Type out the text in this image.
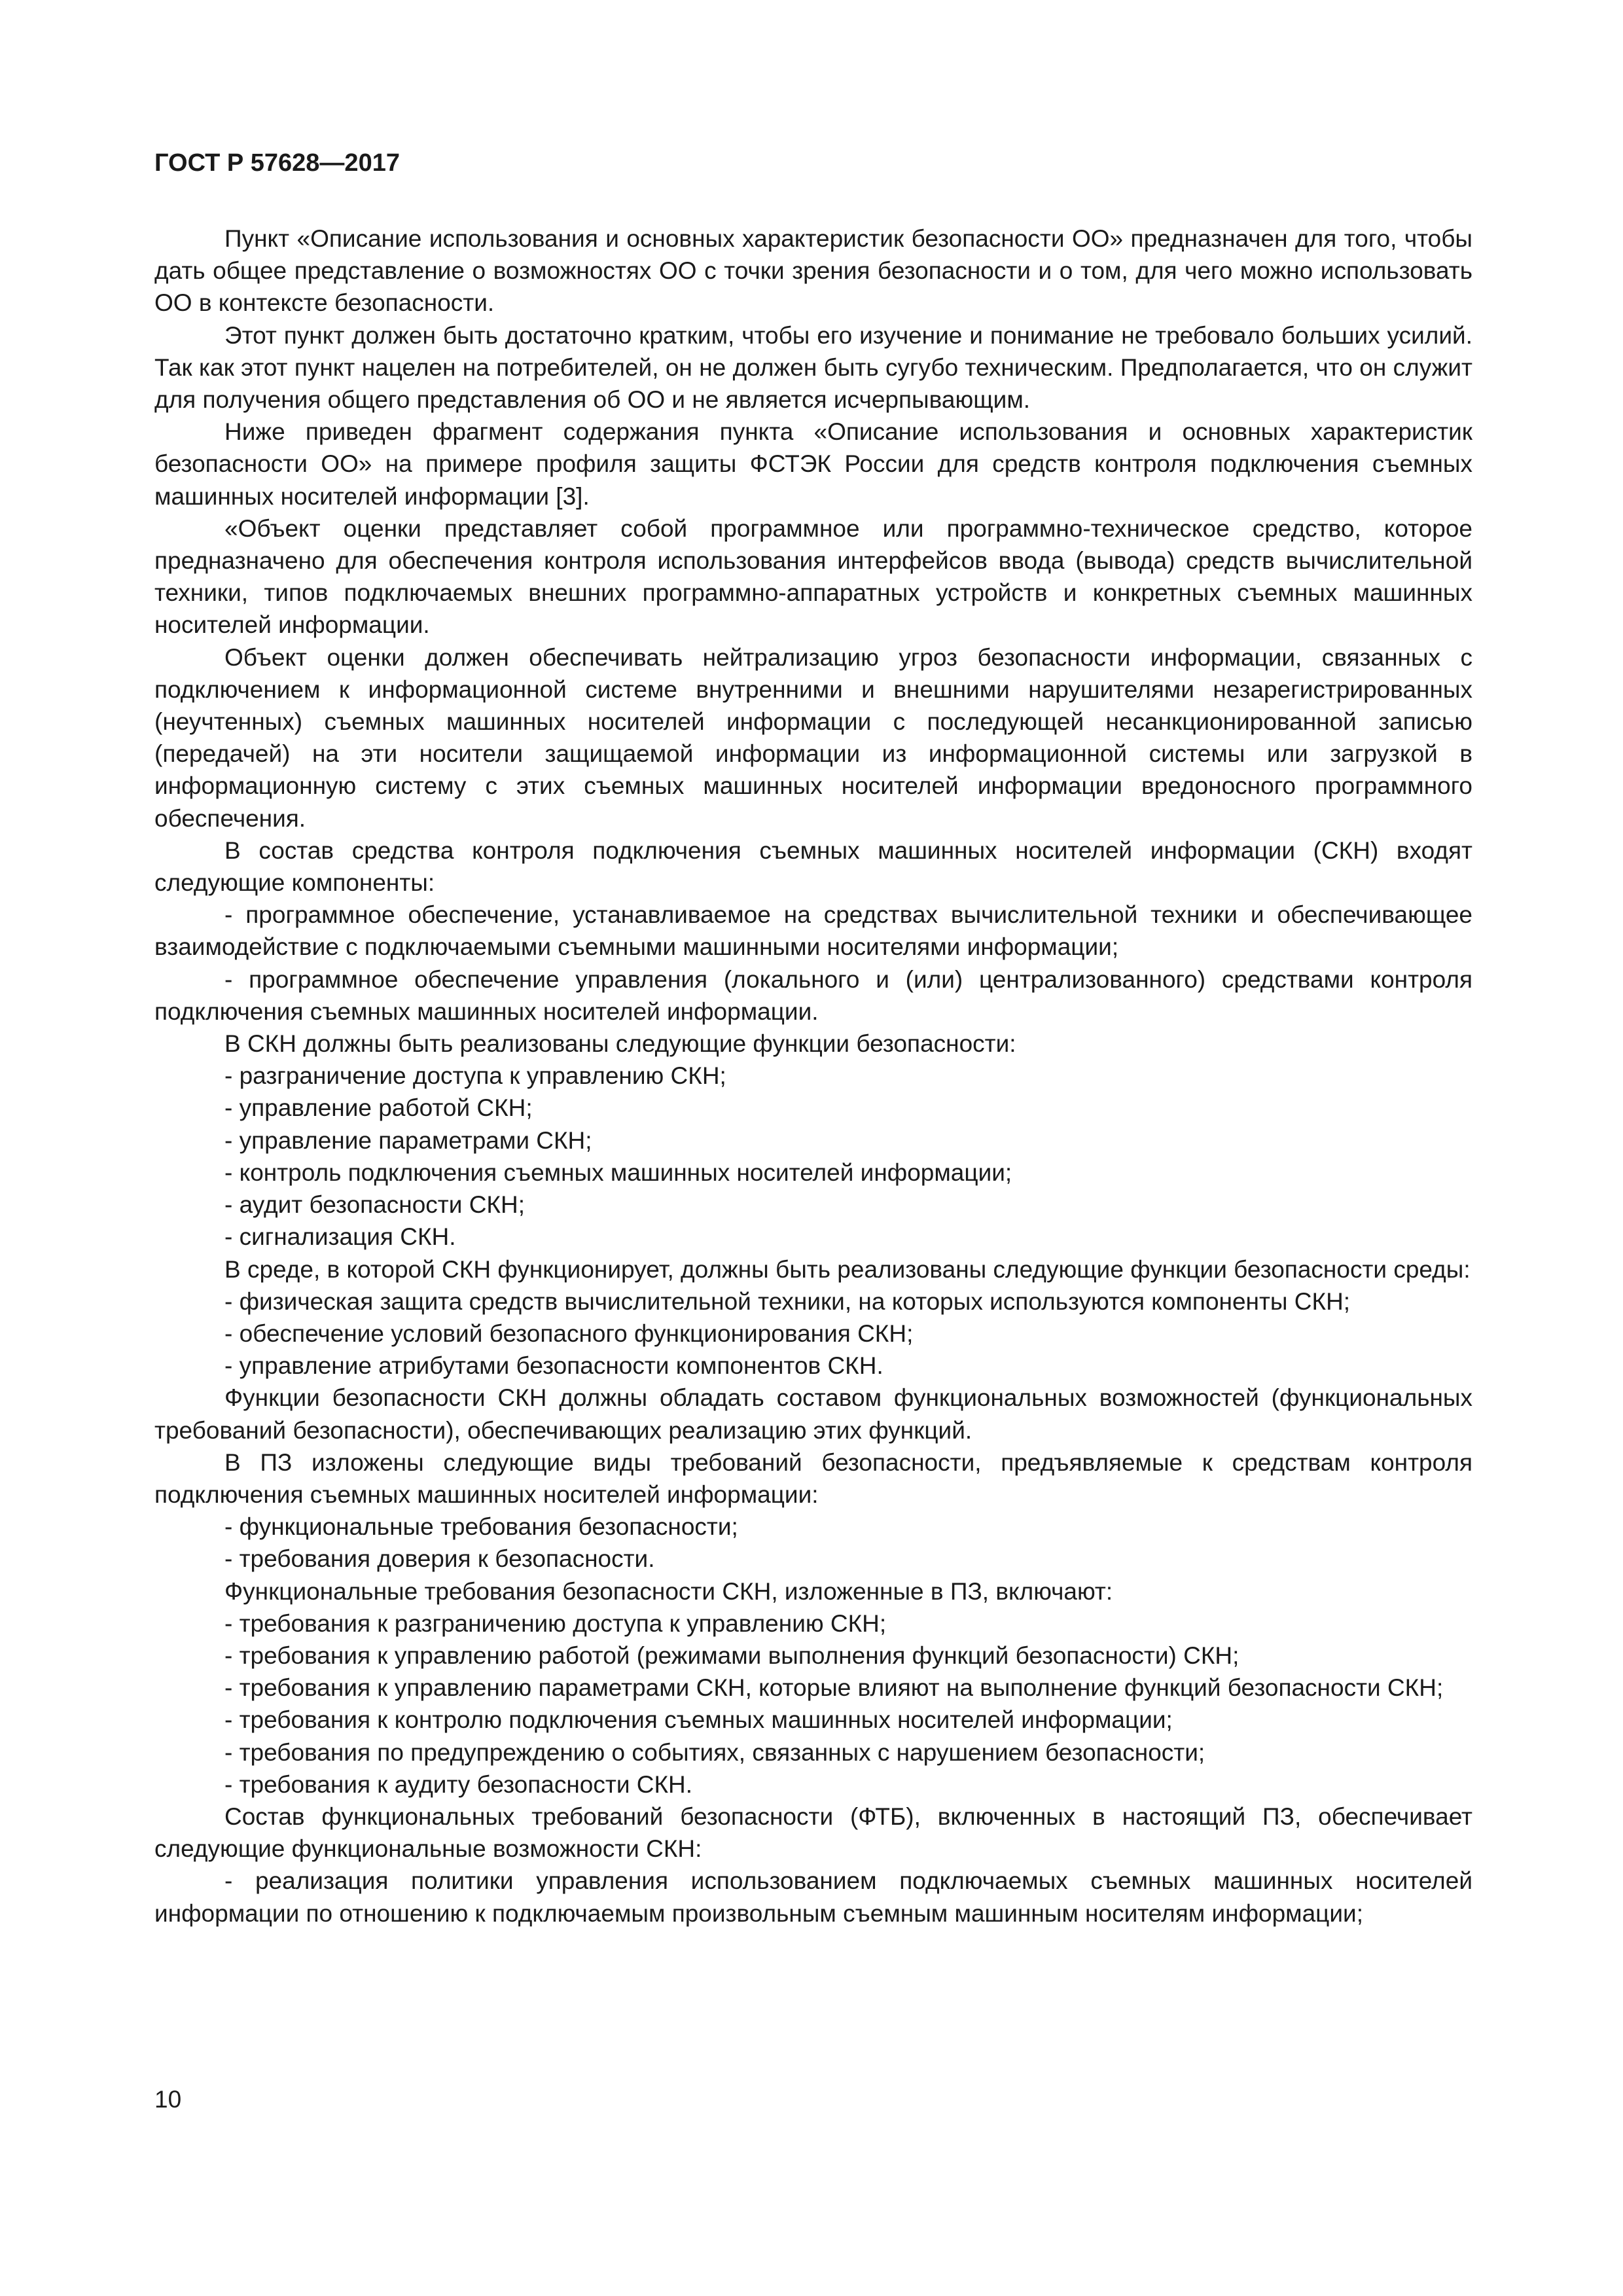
ГОСТ Р 57628—2017

Пункт «Описание использования и основных характеристик безопасности ОО» предназначен для того, чтобы дать общее представление о возможностях ОО с точки зрения безопасности и о том, для чего можно использовать ОО в контексте безопасности.

Этот пункт должен быть достаточно кратким, чтобы его изучение и понимание не требовало больших усилий. Так как этот пункт нацелен на потребителей, он не должен быть сугубо техническим. Предполагается, что он служит для получения общего представления об ОО и не является исчерпывающим.

Ниже приведен фрагмент содержания пункта «Описание использования и основных характеристик безопасности ОО» на примере профиля защиты ФСТЭК России для средств контроля подключения съемных машинных носителей информации [3].

«Объект оценки представляет собой программное или программно-техническое средство, которое предназначено для обеспечения контроля использования интерфейсов ввода (вывода) средств вычислительной техники, типов подключаемых внешних программно-аппаратных устройств и конкретных съемных машинных носителей информации.

Объект оценки должен обеспечивать нейтрализацию угроз безопасности информации, связанных с подключением к информационной системе внутренними и внешними нарушителями незарегистрированных (неучтенных) съемных машинных носителей информации с последующей несанкционированной записью (передачей) на эти носители защищаемой информации из информационной системы или загрузкой в информационную систему с этих съемных машинных носителей информации вредоносного программного обеспечения.

В состав средства контроля подключения съемных машинных носителей информации (СКН) входят следующие компоненты:

- программное обеспечение, устанавливаемое на средствах вычислительной техники и обеспечивающее взаимодействие с подключаемыми съемными машинными носителями информации;

- программное обеспечение управления (локального и (или) централизованного) средствами контроля подключения съемных машинных носителей информации.

В СКН должны быть реализованы следующие функции безопасности:

- разграничение доступа к управлению СКН;

- управление работой СКН;

- управление параметрами СКН;

- контроль подключения съемных машинных носителей информации;

- аудит безопасности СКН;

- сигнализация СКН.

В среде, в которой СКН функционирует, должны быть реализованы следующие функции безопасности среды:

- физическая защита средств вычислительной техники, на которых используются компоненты СКН;

- обеспечение условий безопасного функционирования СКН;

- управление атрибутами безопасности компонентов СКН.

Функции безопасности СКН должны обладать составом функциональных возможностей (функциональных требований безопасности), обеспечивающих реализацию этих функций.

В ПЗ изложены следующие виды требований безопасности, предъявляемые к средствам контроля подключения съемных машинных носителей информации:

- функциональные требования безопасности;

- требования доверия к безопасности.

Функциональные требования безопасности СКН, изложенные в ПЗ, включают:

- требования к разграничению доступа к управлению СКН;

- требования к управлению работой (режимами выполнения функций безопасности) СКН;

- требования к управлению параметрами СКН, которые влияют на выполнение функций безопасности СКН;

- требования к контролю подключения съемных машинных носителей информации;

- требования по предупреждению о событиях, связанных с нарушением безопасности;

- требования к аудиту безопасности СКН.

Состав функциональных требований безопасности (ФТБ), включенных в настоящий ПЗ, обеспечивает следующие функциональные возможности СКН:

- реализация политики управления использованием подключаемых съемных машинных носителей информации по отношению к подключаемым произвольным съемным машинным носителям информации;

10
